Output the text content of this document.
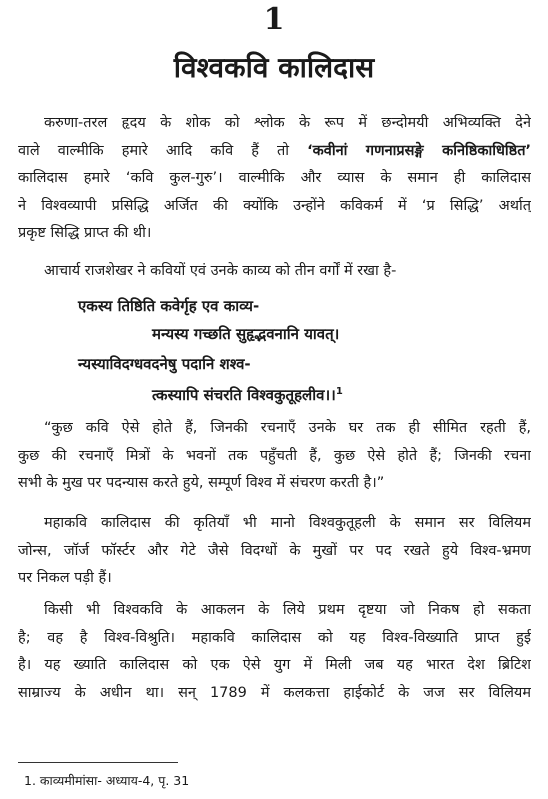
1
विश्वकवि कालिदास
करुणा-तरल हृदय के शोक को श्लोक के रूप में छन्दोमयी अभिव्यक्ति देने
वाले वाल्मीकि हमारे आदि कवि हैं तो ‘कवीनां गणनाप्रसङ्गे कनिष्ठिकाधिष्ठित’
कालिदास हमारे ‘कवि कुल-गुरु’। वाल्मीकि और व्यास के समान ही कालिदास
ने विश्वव्यापी प्रसिद्धि अर्जित की क्योंकि उन्होंने कविकर्म में ‘प्र सिद्धि’ अर्थात्
प्रकृष्ट सिद्धि प्राप्त की थी।
आचार्य राजशेखर ने कवियों एवं उनके काव्य को तीन वर्गों में रखा है-
एकस्य तिष्ठिति कवेर्गृह एव काव्य-
मन्यस्य गच्छति सुहृद्भवनानि यावत्।
न्यस्याविदग्धवदनेषु पदानि शश्व-
त्कस्यापि संचरति विश्वकुतूहलीव।।$^1$
“कुछ कवि ऐसे होते हैं, जिनकी रचनाएँ उनके घर तक ही सीमित रहती हैं,
कुछ की रचनाएँ मित्रों के भवनों तक पहुँचती हैं, कुछ ऐसे होते हैं; जिनकी रचना
सभी के मुख पर पदन्यास करते हुये, सम्पूर्ण विश्व में संचरण करती है।”
महाकवि कालिदास की कृतियाँ भी मानो विश्वकुतूहली के समान सर विलियम
जोन्स, जॉर्ज फॉर्स्टर और गेटे जैसे विदग्धों के मुखों पर पद रखते हुये विश्व-भ्रमण
पर निकल पड़ी हैं।
किसी भी विश्वकवि के आकलन के लिये प्रथम दृष्टया जो निकष हो सकता
है; वह है विश्व-विश्रुति। महाकवि कालिदास को यह विश्व-विख्याति प्राप्त हुई
है। यह ख्याति कालिदास को एक ऐसे युग में मिली जब यह भारत देश ब्रिटिश
साम्राज्य के अधीन था। सन् 1789 में कलकत्ता हाईकोर्ट के जज सर विलियम
1. काव्यमीमांसा- अध्याय-4, पृ. 31
